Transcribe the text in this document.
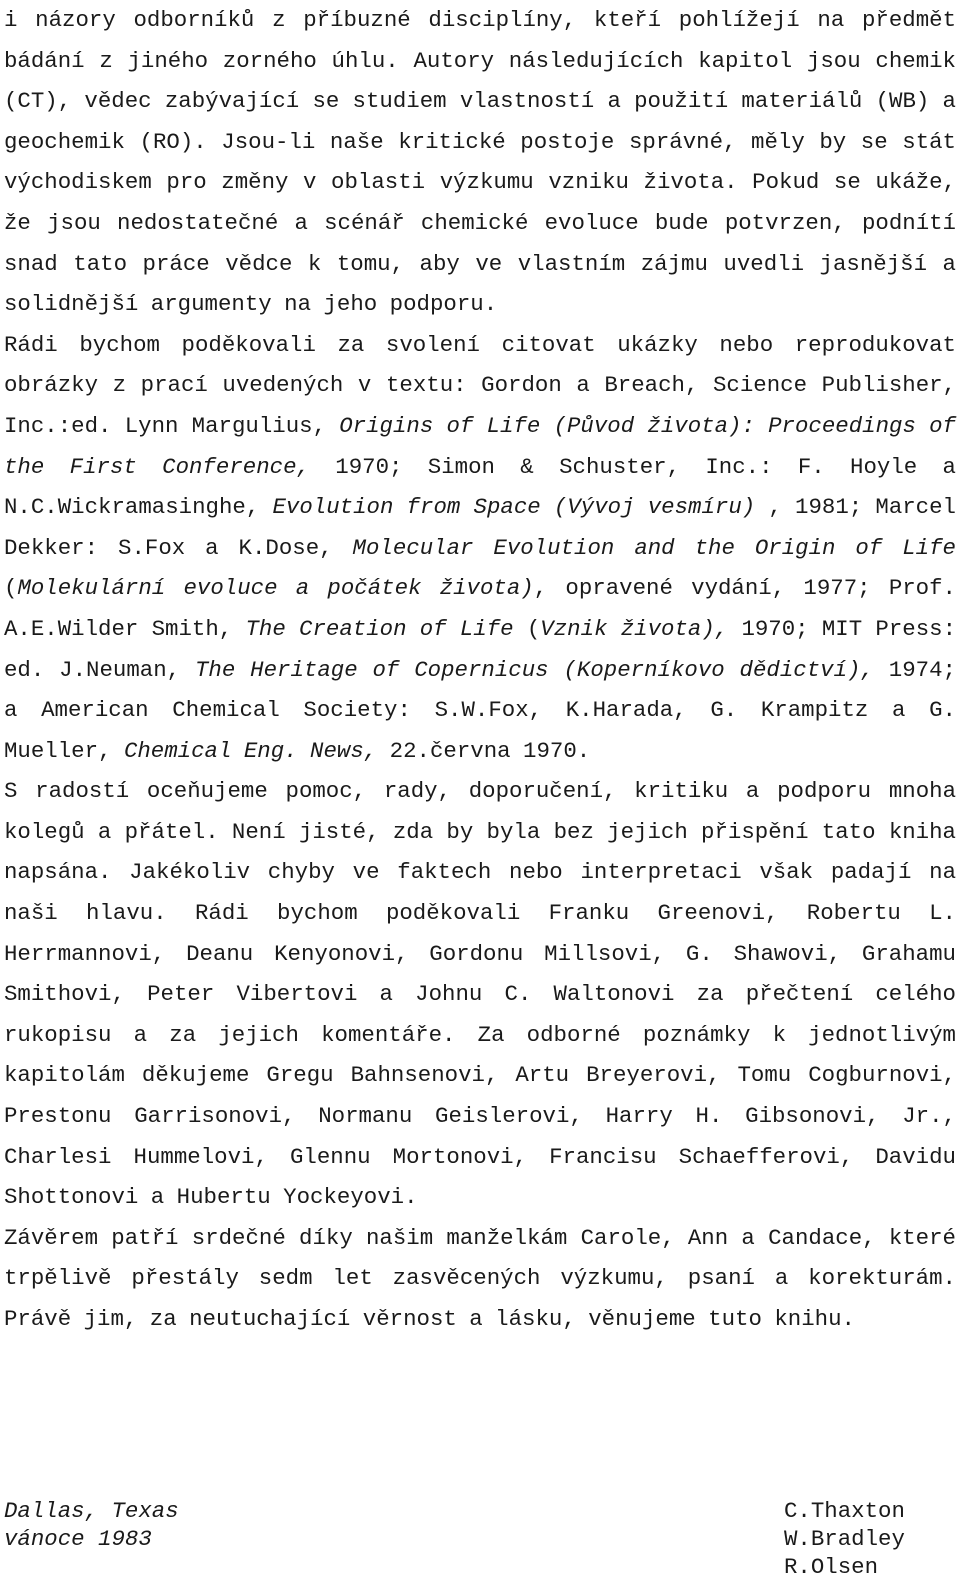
i názory odborníků z příbuzné disciplíny, kteří pohlížejí na předmět bádání z jiného zorného úhlu. Autory následujících kapitol jsou chemik (CT), vědec zabývající se studiem vlastností a použití materiálů (WB) a geochemik (RO). Jsou-li naše kritické postoje správné, měly by se stát východiskem pro změny v oblasti výzkumu vzniku života. Pokud se ukáže, že jsou nedostatečné a scénář chemické evoluce bude potvrzen, podnítí snad tato práce vědce k tomu, aby ve vlastním zájmu uvedli jasnější a solidnější argumenty na jeho podporu.

Rádi bychom poděkovali za svolení citovat ukázky nebo reprodukovat obrázky z prací uvedených v textu: Gordon a Breach, Science Publisher, Inc.:ed. Lynn Margulius, Origins of Life (Původ života): Proceedings of the First Conference, 1970; Simon & Schuster, Inc.: F. Hoyle a N.C.Wickramasinghe, Evolution from Space (Vývoj vesmíru) , 1981; Marcel Dekker: S.Fox a K.Dose, Molecular Evolution and the Origin of Life (Molekulární evoluce a počátek života), opravené vydání, 1977; Prof. A.E.Wilder Smith, The Creation of Life (Vznik života), 1970; MIT Press: ed. J.Neuman, The Heritage of Copernicus (Koperníkovo dědictví), 1974; a American Chemical Society: S.W.Fox, K.Harada, G. Krampitz a G. Mueller, Chemical Eng. News, 22.června 1970.

S radostí oceňujeme pomoc, rady, doporučení, kritiku a podporu mnoha kolegů a přátel. Není jisté, zda by byla bez jejich přispění tato kniha napsána. Jakékoliv chyby ve faktech nebo interpretaci však padají na naši hlavu. Rádi bychom poděkovali Franku Greenovi, Robertu L. Herrmannovi, Deanu Kenyonovi, Gordonu Millsovi, G. Shawovi, Grahamu Smithovi, Peter Vibertovi a Johnu C. Waltonovi za přečtení celého rukopisu a za jejich komentáře. Za odborné poznámky k jednotlivým kapitolám děkujeme Gregu Bahnsenovi, Artu Breyerovi, Tomu Cogburnovi, Prestonu Garrisonovi, Normanu Geislerovi, Harry H. Gibsonovi, Jr., Charlesi Hummelovi, Glennu Mortonovi, Francisu Schaefferovi, Davidu Shottonovi a Hubertu Yockeyovi.

Závěrem patří srdečné díky našim manželkám Carole, Ann a Candace, které trpělivě přestály sedm let zasvěcených výzkumu, psaní a korekturám. Právě jim, za neutuchající věrnost a lásku, věnujeme tuto knihu.

Dallas, Texas
vánoce 1983
C.Thaxton
W.Bradley
R.Olsen
